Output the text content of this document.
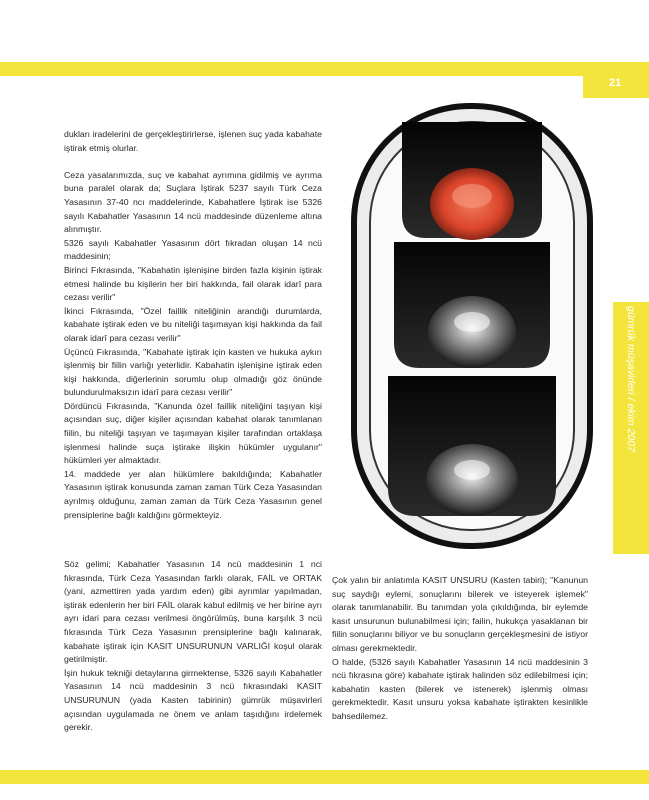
21
gümrük müşavirleri / ekim 2007

dukları iradelerini de gerçekleştirirlerse, işlenen suç yada kabahate iştirak etmiş olurlar.

Ceza yasalarımızda, suç ve kabahat ayrımına gidilmiş ve ayrıma buna paralel olarak da; Suçlara İştirak 5237 sayılı Türk Ceza Yasasının 37-40 ncı maddelerinde, Kabahatlere İştirak ise 5326 sayılı Kabahatler Yasasının 14 ncü maddesinde düzenleme altına alınmıştır.

5326 sayılı Kabahatler Yasasının dört fıkradan oluşan 14 ncü maddesinin;

Birinci Fıkrasında, "Kabahatin işlenişine birden fazla kişinin iştirak etmesi halinde bu kişilerin her biri hakkında, fail olarak idarî para cezası verilir"

İkinci Fıkrasında, "Özel faillik niteliğinin arandığı durumlarda, kabahate iştirak eden ve bu niteliği taşımayan kişi hakkında da fail olarak idarî para cezası verilir"

Üçüncü Fıkrasında, "Kabahate iştirak için kasten ve hukuka aykırı işlenmiş bir fiilin varlığı yeterlidir. Kabahatin işlenişine iştirak eden kişi hakkında, diğerlerinin sorumlu olup olmadığı göz önünde bulundurulmaksızın idarî para cezası verilir"

Dördüncü Fıkrasında, "Kanunda özel faillik niteliğini taşıyan kişi açısından suç, diğer kişiler açısından kabahat olarak tanımlanan fiilin, bu niteliği taşıyan ve taşımayan kişiler tarafından ortaklaşa işlenmesi halinde suça iştirake ilişkin hükümler uygulanır" hükümleri yer almaktadır.

14. maddede yer alan hükümlere bakıldığında; Kabahatler Yasasının iştirak konusunda zaman zaman Türk Ceza Yasasından ayrılmış olduğunu, zaman zaman da Türk Ceza Yasasının genel prensiplerine bağlı kaldığını görmekteyiz.

Söz gelimi; Kabahatler Yasasının 14 ncü maddesinin 1 nci fıkrasında, Türk Ceza Yasasından farklı olarak, FAİL ve ORTAK (yani, azmettiren yada yardım eden) gibi ayrımlar yapılmadan, iştirak edenlerin her biri FAİL olarak kabul edilmiş ve her birine ayrı ayrı idari para cezası verilmesi öngörülmüş, buna karşılık 3 ncü fıkrasında Türk Ceza Yasasının prensiplerine bağlı kalınarak, kabahate iştirak için KASIT UNSURUNUN VARLIĞI koşul olarak getirilmiştir.

İşin hukuk tekniği detaylarına girmektense, 5326 sayılı Kabahatler Yasasının 14 ncü maddesinin 3 ncü fıkrasındaki KASIT UNSURUNUN (yada Kasten tabirinin) gümrük müşavirleri açısından uygulamada ne önem ve anlam taşıdığını irdelemek gerekir.

Çok yalın bir anlatımla KASIT UNSURU (Kasten tabiri); "Kanunun suç saydığı eylemi, sonuçlarını bilerek ve isteyerek işlemek" olarak tanımlanabilir. Bu tanımdan yola çıkıldığında, bir eylemde kasıt unsurunun bulunabilmesi için; failin, hukukça yasaklanan bir fiilin sonuçlarını biliyor ve bu sonuçların gerçekleşmesini de istiyor olması gerekmektedir.

O halde, (5326 sayılı Kabahatler Yasasının 14 ncü maddesinin 3 ncü fıkrasına göre) kabahate iştirak halinden söz edilebilmesi için; kabahatin kasten (bilerek ve istenerek) işlenmiş olması gerekmektedir. Kasıt unsuru yoksa kabahate iştirakten kesinlikle bahsedilemez.
